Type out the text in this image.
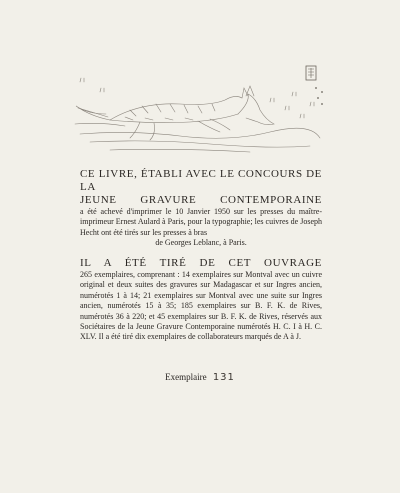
CE LIVRE, ÉTABLI AVEC LE CONCOURS DE LA
JEUNE GRAVURE CONTEMPORAINE

a été achevé d'imprimer le 10 Janvier 1950 sur les presses du maître-imprimeur Ernest Aulard à Paris, pour la typographie; les cuivres de Joseph Hecht ont été tirés sur les presses à bras

de Georges Leblanc, à Paris.

IL A ÉTÉ TIRÉ DE CET OUVRAGE

265 exemplaires, comprenant : 14 exemplaires sur Montval avec un cuivre original et deux suites des gravures sur Madagascar et sur Ingres ancien, numérotés 1 à 14; 21 exemplaires sur Montval avec une suite sur Ingres ancien, numérotés 15 à 35; 185 exemplaires sur B. F. K. de Rives, numérotés 36 à 220; et 45 exemplaires sur B. F. K. de Rives, réservés aux Sociétaires de la Jeune Gravure Contemporaine numérotés H. C. I à H. C. XLV. Il a été tiré dix exemplaires de collaborateurs marqués de A à J.

Exemplaire 131
